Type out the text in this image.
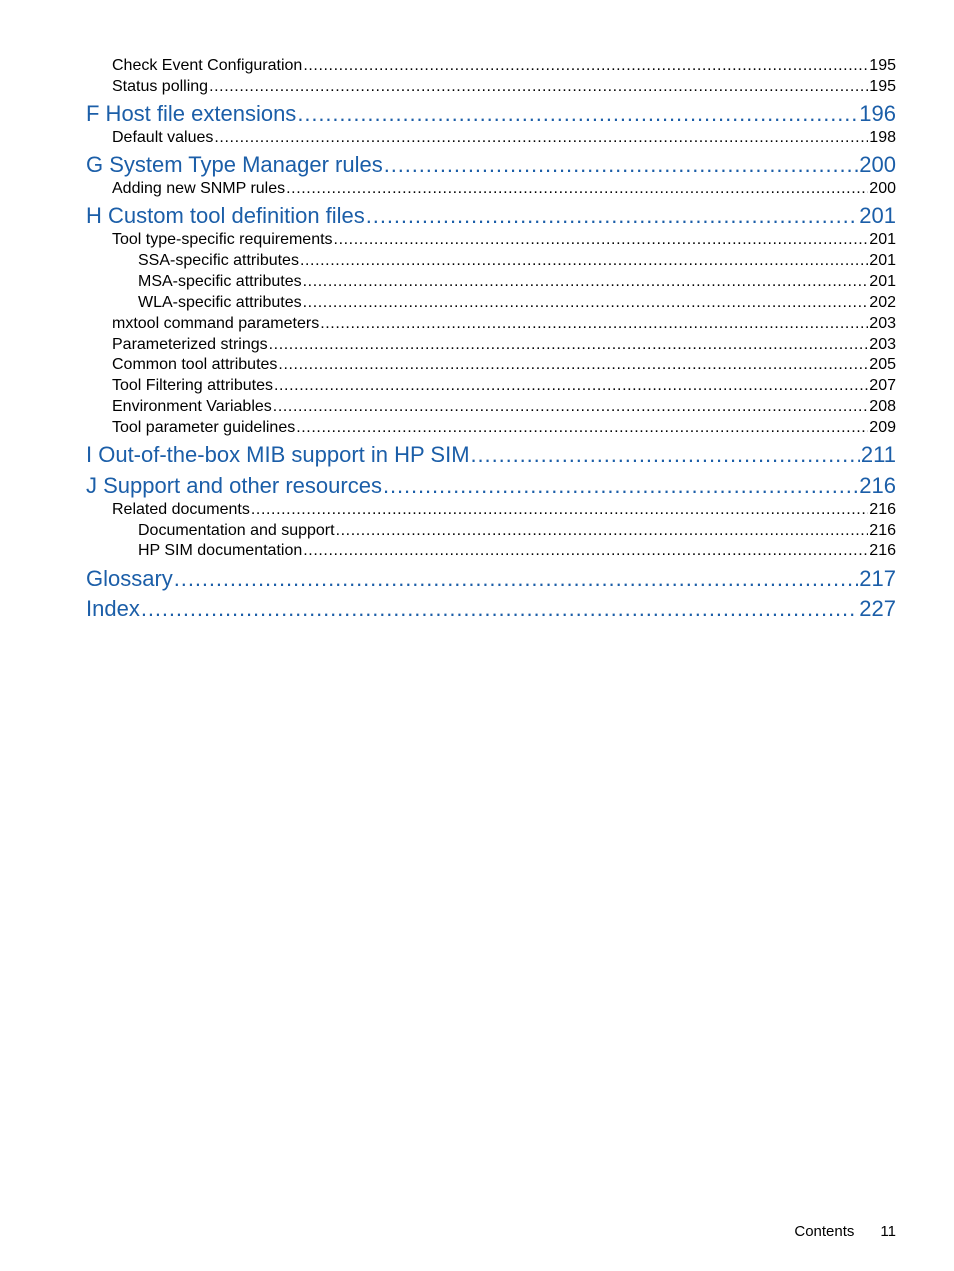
Check Event Configuration .....	195
Status polling .....	195
F Host file extensions .....	196
Default values .....	198
G System Type Manager rules .....	200
Adding new SNMP rules .....	200
H Custom tool definition files .....	201
Tool type-specific requirements .....	201
SSA-specific attributes .....	201
MSA-specific attributes .....	201
WLA-specific attributes .....	202
mxtool command parameters .....	203
Parameterized strings .....	203
Common tool attributes .....	205
Tool Filtering attributes .....	207
Environment Variables .....	208
Tool parameter guidelines .....	209
I Out-of-the-box MIB support in HP SIM .....	211
J Support and other resources .....	216
Related documents .....	216
Documentation and support .....	216
HP SIM documentation .....	216
Glossary .....	217
Index .....	227
Contents 11
